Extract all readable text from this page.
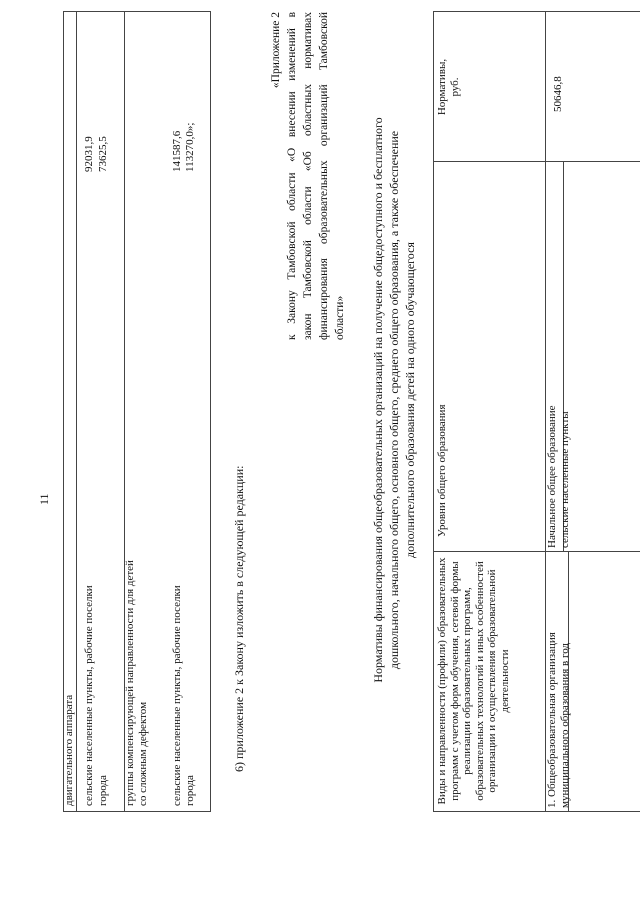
11
двигательного аппарата сельские населенные пункты, рабочие поселки города
92031,9 73625,5
группы компенсирующей направленности для детей со сложным дефектом сельские населенные пункты, рабочие поселки города
141587,6 113270,0»;
6) приложение 2 к Закону изложить в следующей редакции:
«Приложение 2 к Закону Тамбовской области «О внесении изменений в закон Тамбовской области «Об областных нормативах финансирования образовательных организаций Тамбовской области» Нормативы финансирования общеобразовательных организаций на получение общедоступного и бесплатного дошкольного, начального общего, основного общего, среднего общего образования, а также обеспечение дополнительного образования детей на одного обучающегося
Виды и направленности (профили) образовательных программ с учетом форм обучения, сетевой формы реализации образовательных программ, образовательных технологий и иных особенностей организации и осуществления образовательной деятельности
Уровни общего образования
Нормативы, руб.
1. Общеобразовательная организация муниципального образования в год
Начальное общее образование сельские населенные пункты
50646,8
